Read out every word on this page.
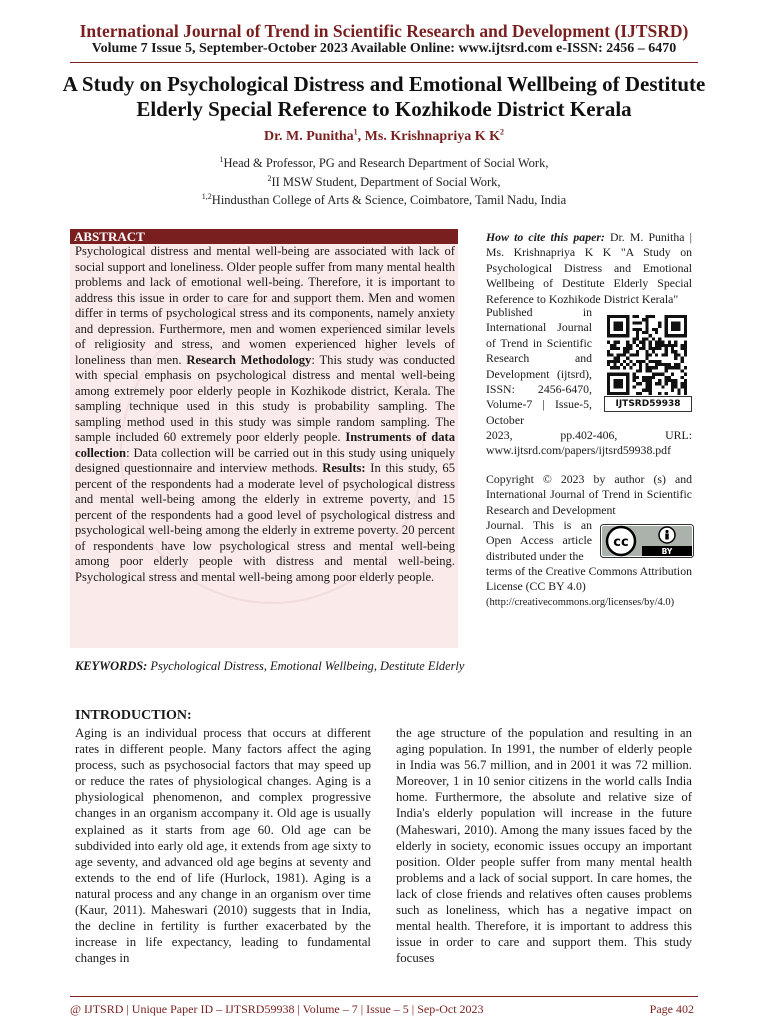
International Journal of Trend in Scientific Research and Development (IJTSRD)
Volume 7 Issue 5, September-October 2023 Available Online: www.ijtsrd.com e-ISSN: 2456 – 6470
A Study on Psychological Distress and Emotional Wellbeing of Destitute Elderly Special Reference to Kozhikode District Kerala
Dr. M. Punitha$^1$, Ms. Krishnapriya K $K^2$
$^1$Head & Professor, PG and Research Department of Social Work,
$^2$II MSW Student, Department of Social Work,
$^{1,2}$Hindusthan College of Arts & Science, Coimbatore, Tamil Nadu, India
ABSTRACT
Psychological distress and mental well-being are associated with lack of social support and loneliness. Older people suffer from many mental health problems and lack of emotional well-being. Therefore, it is important to address this issue in order to care for and support them. Men and women differ in terms of psychological stress and its components, namely anxiety and depression. Furthermore, men and women experienced similar levels of religiosity and stress, and women experienced higher levels of loneliness than men. Research Methodology: This study was conducted with special emphasis on psychological distress and mental well-being among extremely poor elderly people in Kozhikode district, Kerala. The sampling technique used in this study is probability sampling. The sampling method used in this study was simple random sampling. The sample included 60 extremely poor elderly people. Instruments of data collection: Data collection will be carried out in this study using uniquely designed questionnaire and interview methods. Results: In this study, 65 percent of the respondents had a moderate level of psychological distress and mental well-being among the elderly in extreme poverty, and 15 percent of the respondents had a good level of psychological distress and psychological well-being among the elderly in extreme poverty. 20 percent of respondents have low psychological stress and mental well-being among poor elderly people with distress and mental well-being. Psychological stress and mental well-being among poor elderly people.
How to cite this paper: Dr. M. Punitha | Ms. Krishnapriya K K "A Study on Psychological Distress and Emotional Wellbeing of Destitute Elderly Special Reference to Kozhikode District Kerala"
Published in International Journal of Trend in Scientific Research and Development (ijtsrd), ISSN: 2456-6470, Volume-7 | Issue-5, October
2023, pp.402-406, URL: www.ijtsrd.com/papers/ijtsrd59938.pdf
IJTSRD59938
Copyright © 2023 by author (s) and International Journal of Trend in Scientific Research and Development
Journal. This is an Open Access article distributed under the
terms of the Creative Commons Attribution License (CC BY 4.0)
(http://creativecommons.org/licenses/by/4.0)
cc
BY
KEYWORDS: Psychological Distress, Emotional Wellbeing, Destitute Elderly
INTRODUCTION:
Aging is an individual process that occurs at different rates in different people. Many factors affect the aging process, such as psychosocial factors that may speed up or reduce the rates of physiological changes. Aging is a physiological phenomenon, and complex progressive changes in an organism accompany it. Old age is usually explained as it starts from age 60. Old age can be subdivided into early old age, it extends from age sixty to age seventy, and advanced old age begins at seventy and extends to the end of life (Hurlock, 1981). Aging is a natural process and any change in an organism over time (Kaur, 2011). Maheswari (2010) suggests that in India, the decline in fertility is further exacerbated by the increase in life expectancy, leading to fundamental changes in
the age structure of the population and resulting in an aging population. In 1991, the number of elderly people in India was 56.7 million, and in 2001 it was 72 million. Moreover, 1 in 10 senior citizens in the world calls India home. Furthermore, the absolute and relative size of India's elderly population will increase in the future (Maheswari, 2010). Among the many issues faced by the elderly in society, economic issues occupy an important position. Older people suffer from many mental health problems and a lack of social support. In care homes, the lack of close friends and relatives often causes problems such as loneliness, which has a negative impact on mental health. Therefore, it is important to address this issue in order to care and support them. This study focuses
@ IJTSRD | Unique Paper ID – IJTSRD59938 | Volume – 7 | Issue – 5 | Sep-Oct 2023	Page 402
